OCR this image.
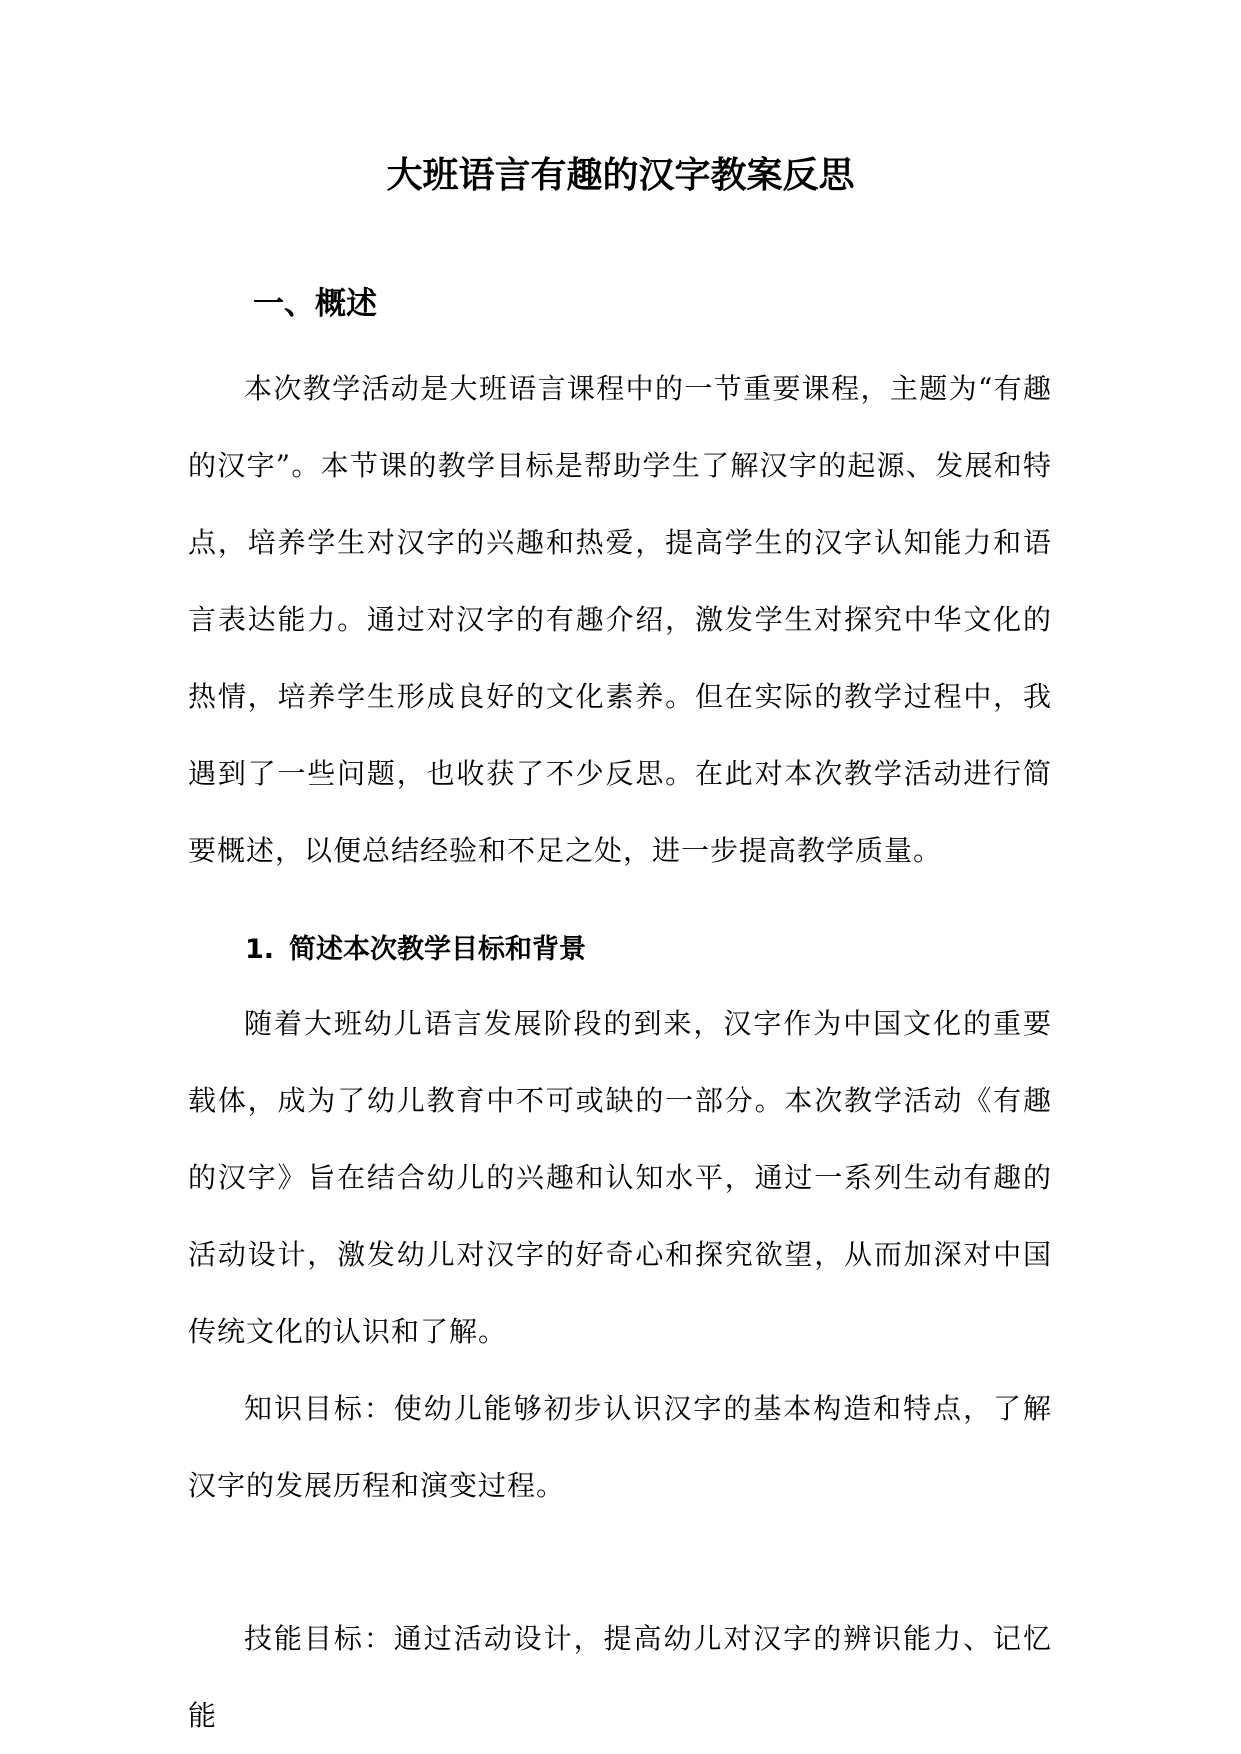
大班语言有趣的汉字教案反思
一、概述

本次教学活动是大班语言课程中的一节重要课程，主题为“有趣的汉字”。本节课的教学目标是帮助学生了解汉字的起源、发展和特点，培养学生对汉字的兴趣和热爱，提高学生的汉字认知能力和语言表达能力。通过对汉字的有趣介绍，激发学生对探究中华文化的热情，培养学生形成良好的文化素养。但在实际的教学过程中，我遇到了一些问题，也收获了不少反思。在此对本次教学活动进行简要概述，以便总结经验和不足之处，进一步提高教学质量。

1. 简述本次教学目标和背景

随着大班幼儿语言发展阶段的到来，汉字作为中国文化的重要载体，成为了幼儿教育中不可或缺的一部分。本次教学活动《有趣的汉字》旨在结合幼儿的兴趣和认知水平，通过一系列生动有趣的活动设计，激发幼儿对汉字的好奇心和探究欲望，从而加深对中国传统文化的认识和了解。

知识目标：使幼儿能够初步认识汉字的基本构造和特点，了解汉字的发展历程和演变过程。

技能目标：通过活动设计，提高幼儿对汉字的辨识能力、记忆能
